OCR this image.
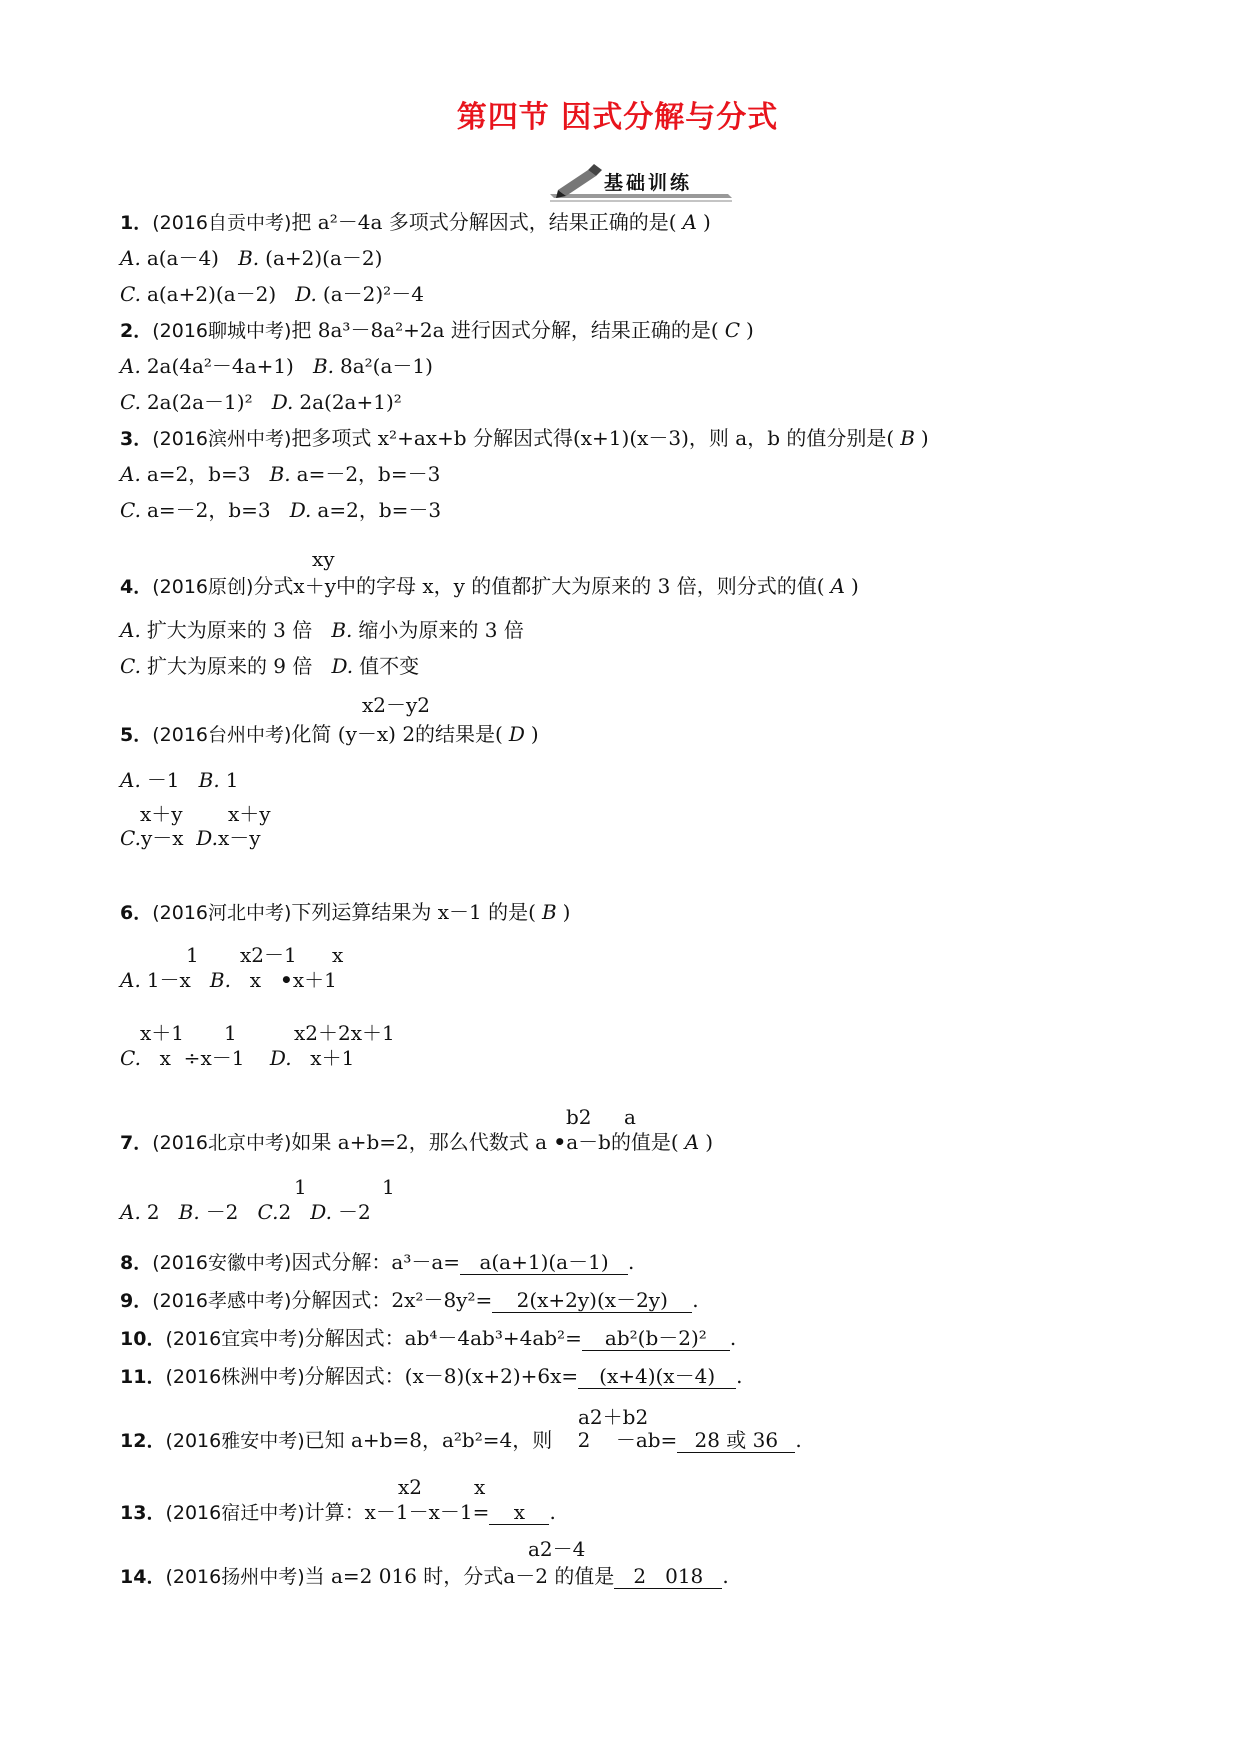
第四节 因式分解与分式
基础训练
1．(2016自贡中考)把 a²－4a 多项式分解因式，结果正确的是( A )
A. a(a－4) B. (a+2)(a－2)
C. a(a+2)(a－2) D. (a－2)²－4
2．(2016聊城中考)把 8a³－8a²+2a 进行因式分解，结果正确的是( C )
A. 2a(4a²－4a+1) B. 8a²(a－1)
C. 2a(2a－1)² D. 2a(2a+1)²
3．(2016滨州中考)把多项式 x²+ax+b 分解因式得(x+1)(x－3)，则 a，b 的值分别是( B )
A. a=2，b=3 B. a=－2，b=－3
C. a=－2，b=3 D. a=2，b=－3
xy
4．(2016原创)分式x＋y中的字母 x，y 的值都扩大为原来的 3 倍，则分式的值( A )
A. 扩大为原来的 3 倍 B. 缩小为原来的 3 倍
C. 扩大为原来的 9 倍 D. 值不变
x2－y2
5．(2016台州中考)化简 (y－x) 2的结果是( D )
A. －1 B. 1
x＋y x＋y
C.y－x D.x－y
6．(2016河北中考)下列运算结果为 x－1 的是( B )
1 x2－1 x
A. 1－x B. x •x＋1
x＋1 1	x2＋2x＋1
C. x ÷x－1 D. x＋1
b2 a
7．(2016北京中考)如果 a+b=2，那么代数式 a •a－b的值是( A )
1	1
A. 2 B. －2 C.2 D. －2
8．(2016安徽中考)因式分解：a³－a= a(a+1)(a－1) .
9．(2016孝感中考)分解因式：2x²－8y²= 2(x+2y)(x－2y) .
10．(2016宜宾中考)分解因式：ab⁴－4ab³+4ab²= ab²(b－2)² .
11．(2016株洲中考)分解因式：(x－8)(x+2)+6x= (x+4)(x－4) .
a2＋b2
12．(2016雅安中考)已知 a+b=8，a²b²=4，则 2 －ab= 28 或 36 .
x2	x
13．(2016宿迁中考)计算：x－1－x－1= x .
a2－4
14．(2016扬州中考)当 a=2 016 时，分式a－2 的值是 2   018 .
